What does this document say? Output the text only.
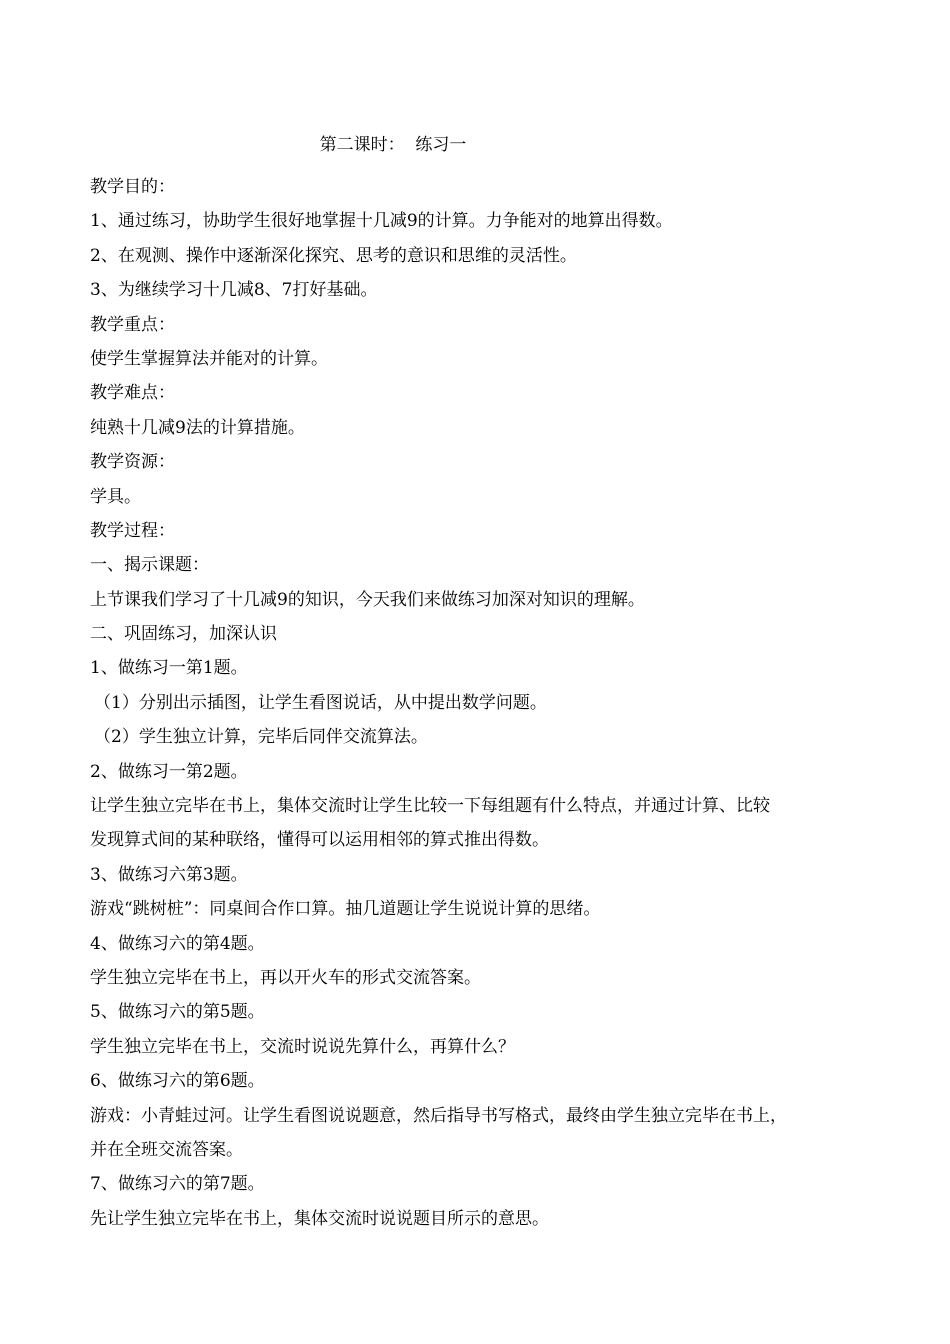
第二课时：  练习一
教学目的：
1、通过练习，协助学生很好地掌握十几减9的计算。力争能对的地算出得数。
2、在观测、操作中逐渐深化探究、思考的意识和思维的灵活性。
3、为继续学习十几减8、7打好基础。
教学重点：
使学生掌握算法并能对的计算。
教学难点：
纯熟十几减9法的计算措施。
教学资源：
学具。
教学过程：
一、揭示课题：
上节课我们学习了十几减9的知识，今天我们来做练习加深对知识的理解。
二、巩固练习，加深认识
1、做练习一第1题。
（1）分别出示插图，让学生看图说话，从中提出数学问题。
（2）学生独立计算，完毕后同伴交流算法。
2、做练习一第2题。
让学生独立完毕在书上，集体交流时让学生比较一下每组题有什么特点，并通过计算、比较
发现算式间的某种联络，懂得可以运用相邻的算式推出得数。
3、做练习六第3题。
游戏“跳树桩”：同桌间合作口算。抽几道题让学生说说计算的思绪。
4、做练习六的第4题。
学生独立完毕在书上，再以开火车的形式交流答案。
5、做练习六的第5题。
学生独立完毕在书上，交流时说说先算什么，再算什么？
6、做练习六的第6题。
游戏：小青蛙过河。让学生看图说说题意，然后指导书写格式，最终由学生独立完毕在书上，
并在全班交流答案。
7、做练习六的第7题。
先让学生独立完毕在书上，集体交流时说说题目所示的意思。
